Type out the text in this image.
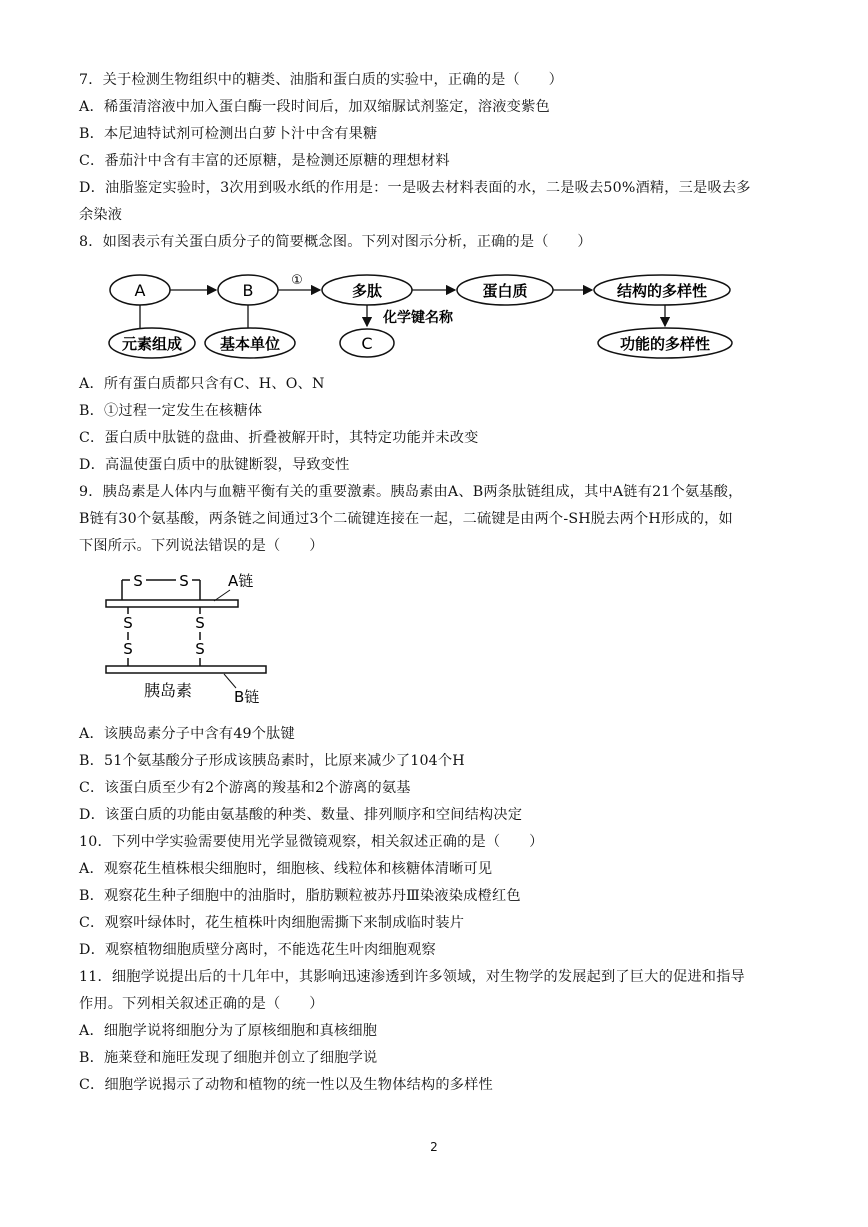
7．关于检测生物组织中的糖类、油脂和蛋白质的实验中，正确的是（　　）
A．稀蛋清溶液中加入蛋白酶一段时间后，加双缩脲试剂鉴定，溶液变紫色
B．本尼迪特试剂可检测出白萝卜汁中含有果糖
C．番茄汁中含有丰富的还原糖，是检测还原糖的理想材料
D．油脂鉴定实验时，3次用到吸水纸的作用是：一是吸去材料表面的水，二是吸去50%酒精，三是吸去多
余染液
8．如图表示有关蛋白质分子的简要概念图。下列对图示分析，正确的是（　　）
A	B	多肽	蛋白质	结构的多样性
①
元素组成	基本单位
化学键名称
C	功能的多样性
A．所有蛋白质都只含有C、H、O、N
B．①过程一定发生在核糖体
C．蛋白质中肽链的盘曲、折叠被解开时，其特定功能并未改变
D．高温使蛋白质中的肽键断裂，导致变性
9．胰岛素是人体内与血糖平衡有关的重要激素。胰岛素由A、B两条肽链组成，其中A链有21个氨基酸，
B链有30个氨基酸，两条链之间通过3个二硫键连接在一起，二硫键是由两个-SH脱去两个H形成的，如
下图所示。下列说法错误的是（　　）
S S	A链
S
S
S
S
胰岛素	B链
A．该胰岛素分子中含有49个肽键
B．51个氨基酸分子形成该胰岛素时，比原来减少了104个H
C．该蛋白质至少有2个游离的羧基和2个游离的氨基
D．该蛋白质的功能由氨基酸的种类、数量、排列顺序和空间结构决定
10．下列中学实验需要使用光学显微镜观察，相关叙述正确的是（　　）
A．观察花生植株根尖细胞时，细胞核、线粒体和核糖体清晰可见
B．观察花生种子细胞中的油脂时，脂肪颗粒被苏丹Ⅲ染液染成橙红色
C．观察叶绿体时，花生植株叶肉细胞需撕下来制成临时装片
D．观察植物细胞质壁分离时，不能选花生叶肉细胞观察
11．细胞学说提出后的十几年中，其影响迅速渗透到许多领域，对生物学的发展起到了巨大的促进和指导
作用。下列相关叙述正确的是（　　）
A．细胞学说将细胞分为了原核细胞和真核细胞
B．施莱登和施旺发现了细胞并创立了细胞学说
C．细胞学说揭示了动物和植物的统一性以及生物体结构的多样性
2
